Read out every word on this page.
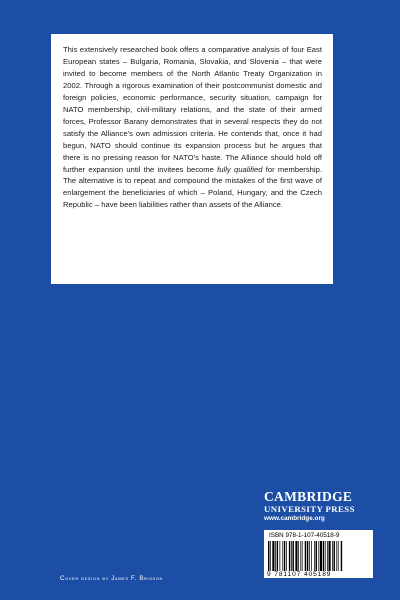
This extensively researched book offers a comparative analysis of four East European states – Bulgaria, Romania, Slovakia, and Slovenia – that were invited to become members of the North Atlantic Treaty Organization in 2002. Through a rigorous examination of their postcommunist domestic and foreign policies, economic performance, security situation, campaign for NATO membership, civil-military relations, and the state of their armed forces, Professor Barany demonstrates that in several respects they do not satisfy the Alliance's own admission criteria. He contends that, once it had begun, NATO should continue its expansion process but he argues that there is no pressing reason for NATO's haste. The Alliance should hold off further expansion until the invitees become fully qualified for membership. The alternative is to repeat and compound the mistakes of the first wave of enlargement the beneficiaries of which – Poland, Hungary, and the Czech Republic – have been liabilities rather than assets of the Alliance.

CAMBRIDGE

UNIVERSITY PRESS

www.cambridge.org

ISBN 978-1-107-40518-9

9 781107 405189

Cover design by James F. Brisson
